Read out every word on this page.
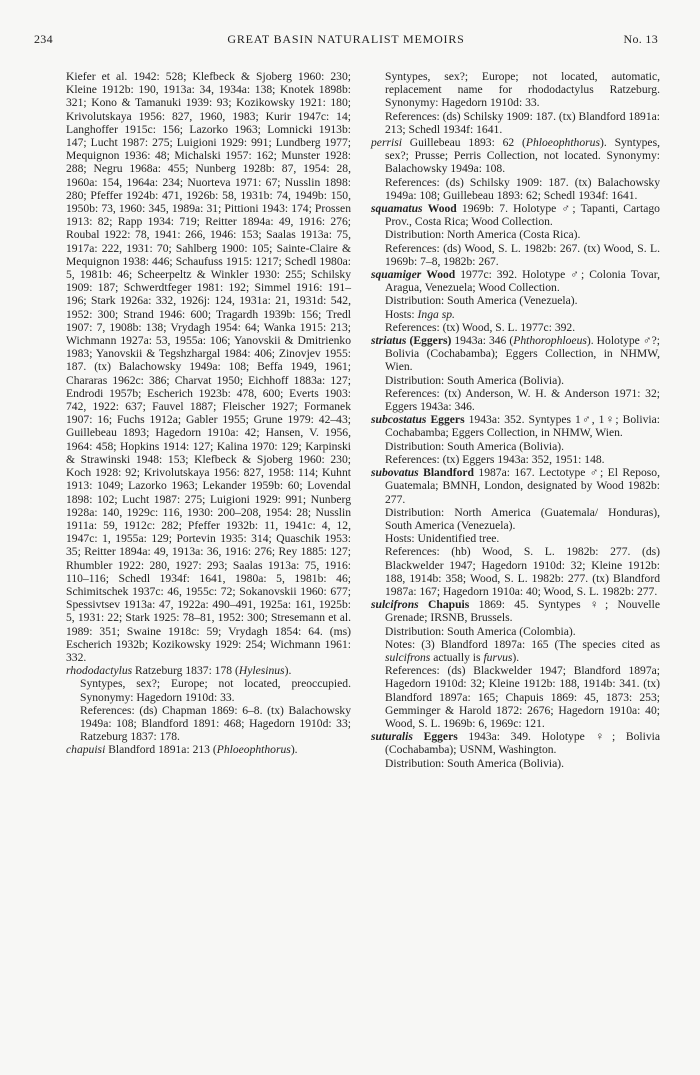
234	GREAT BASIN NATURALIST MEMOIRS	No. 13

Kiefer et al. 1942: 528; Klefbeck & Sjoberg 1960: 230; Kleine 1912b: 190, 1913a: 34, 1934a: 138; Knotek 1898b: 321; Kono & Tamanuki 1939: 93; Kozikowsky 1921: 180; Krivolutskaya 1956: 827, 1960, 1983; Kurir 1947c: 14; Langhoffer 1915c: 156; Lazorko 1963; Lomnicki 1913b: 147; Lucht 1987: 275; Luigioni 1929: 991; Lundberg 1977; Mequignon 1936: 48; Michalski 1957: 162; Munster 1928: 288; Negru 1968a: 455; Nunberg 1928b: 87, 1954: 28, 1960a: 154, 1964a: 234; Nuorteva 1971: 67; Nusslin 1898: 280; Pfeffer 1924b: 471, 1926b: 58, 1931b: 74, 1949b: 150, 1950b: 73, 1960: 345, 1989a: 31; Pittioni 1943: 174; Prossen 1913: 82; Rapp 1934: 719; Reitter 1894a: 49, 1916: 276; Roubal 1922: 78, 1941: 266, 1946: 153; Saalas 1913a: 75, 1917a: 222, 1931: 70; Sahlberg 1900: 105; Sainte-Claire & Mequignon 1938: 446; Schaufuss 1915: 1217; Schedl 1980a: 5, 1981b: 46; Scheerpeltz & Winkler 1930: 255; Schilsky 1909: 187; Schwerdtfeger 1981: 192; Simmel 1916: 191–196; Stark 1926a: 332, 1926j: 124, 1931a: 21, 1931d: 542, 1952: 300; Strand 1946: 600; Tragardh 1939b: 156; Tredl 1907: 7, 1908b: 138; Vrydagh 1954: 64; Wanka 1915: 213; Wichmann 1927a: 53, 1955a: 106; Yanovskii & Dmitrienko 1983; Yanovskii & Tegshzhargal 1984: 406; Zinovjev 1955: 187. (tx) Balachowsky 1949a: 108; Beffa 1949, 1961; Chararas 1962c: 386; Charvat 1950; Eichhoff 1883a: 127; Endrodi 1957b; Escherich 1923b: 478, 600; Everts 1903: 742, 1922: 637; Fauvel 1887; Fleischer 1927; Formanek 1907: 16; Fuchs 1912a; Gabler 1955; Grune 1979: 42–43; Guillebeau 1893; Hagedorn 1910a: 42; Hansen, V. 1956, 1964: 458; Hopkins 1914: 127; Kalina 1970: 129; Karpinski & Strawinski 1948: 153; Klefbeck & Sjoberg 1960: 230; Koch 1928: 92; Krivolutskaya 1956: 827, 1958: 114; Kuhnt 1913: 1049; Lazorko 1963; Lekander 1959b: 60; Lovendal 1898: 102; Lucht 1987: 275; Luigioni 1929: 991; Nunberg 1928a: 140, 1929c: 116, 1930: 200–208, 1954: 28; Nusslin 1911a: 59, 1912c: 282; Pfeffer 1932b: 11, 1941c: 4, 12, 1947c: 1, 1955a: 129; Portevin 1935: 314; Quaschik 1953: 35; Reitter 1894a: 49, 1913a: 36, 1916: 276; Rey 1885: 127; Rhumbler 1922: 280, 1927: 293; Saalas 1913a: 75, 1916: 110–116; Schedl 1934f: 1641, 1980a: 5, 1981b: 46; Schimitschek 1937c: 46, 1955c: 72; Sokanovskii 1960: 677; Spessivtsev 1913a: 47, 1922a: 490–491, 1925a: 161, 1925b: 5, 1931: 22; Stark 1925: 78–81, 1952: 300; Stresemann et al. 1989: 351; Swaine 1918c: 59; Vrydagh 1854: 64. (ms) Escherich 1932b; Kozikowsky 1929: 254; Wichmann 1961: 332.

rhododactylus Ratzeburg 1837: 178 (Hylesinus).
Syntypes, sex?; Europe; not located, preoccupied. Synonymy: Hagedorn 1910d: 33.
References: (ds) Chapman 1869: 6–8. (tx) Balachowsky 1949a: 108; Blandford 1891: 468; Hagedorn 1910d: 33; Ratzeburg 1837: 178.

chapuisi Blandford 1891a: 213 (Phloeophthorus).

Syntypes, sex?; Europe; not located, automatic, replacement name for rhododactylus Ratzeburg. Synonymy: Hagedorn 1910d: 33.
References: (ds) Schilsky 1909: 187. (tx) Blandford 1891a: 213; Schedl 1934f: 1641.

perrisi Guillebeau 1893: 62 (Phloeophthorus). Syntypes, sex?; Prusse; Perris Collection, not located. Synonymy: Balachowsky 1949a: 108.
References: (ds) Schilsky 1909: 187. (tx) Balachowsky 1949a: 108; Guillebeau 1893: 62; Schedl 1934f: 1641.

squamatus Wood 1969b: 7. Holotype ♂; Tapanti, Cartago Prov., Costa Rica; Wood Collection.
Distribution: North America (Costa Rica).
References: (ds) Wood, S. L. 1982b: 267. (tx) Wood, S. L. 1969b: 7–8, 1982b: 267.

squamiger Wood 1977c: 392. Holotype ♂; Colonia Tovar, Aragua, Venezuela; Wood Collection.
Distribution: South America (Venezuela).
Hosts: Inga sp.
References: (tx) Wood, S. L. 1977c: 392.

striatus (Eggers) 1943a: 346 (Phthorophloeus). Holotype ♂?; Bolivia (Cochabamba); Eggers Collection, in NHMW, Wien.
Distribution: South America (Bolivia).
References: (tx) Anderson, W. H. & Anderson 1971: 32; Eggers 1943a: 346.

subcostatus Eggers 1943a: 352. Syntypes 1♂, 1♀; Bolivia: Cochabamba; Eggers Collection, in NHMW, Wien.
Distribution: South America (Bolivia).
References: (tx) Eggers 1943a: 352, 1951: 148.

subovatus Blandford 1987a: 167. Lectotype ♂; El Reposo, Guatemala; BMNH, London, designated by Wood 1982b: 277.
Distribution: North America (Guatemala/ Honduras), South America (Venezuela).
Hosts: Unidentified tree.
References: (hb) Wood, S. L. 1982b: 277. (ds) Blackwelder 1947; Hagedorn 1910d: 32; Kleine 1912b: 188, 1914b: 358; Wood, S. L. 1982b: 277. (tx) Blandford 1987a: 167; Hagedorn 1910a: 40; Wood, S. L. 1982b: 277.

sulcifrons Chapuis 1869: 45. Syntypes ♀; Nouvelle Grenade; IRSNB, Brussels.
Distribution: South America (Colombia).
Notes: (3) Blandford 1897a: 165 (The species cited as sulcifrons actually is furvus).
References: (ds) Blackwelder 1947; Blandford 1897a; Hagedorn 1910d: 32; Kleine 1912b: 188, 1914b: 341. (tx) Blandford 1897a: 165; Chapuis 1869: 45, 1873: 253; Gemminger & Harold 1872: 2676; Hagedorn 1910a: 40; Wood, S. L. 1969b: 6, 1969c: 121.

suturalis Eggers 1943a: 349. Holotype ♀; Bolivia (Cochabamba); USNM, Washington.
Distribution: South America (Bolivia).
